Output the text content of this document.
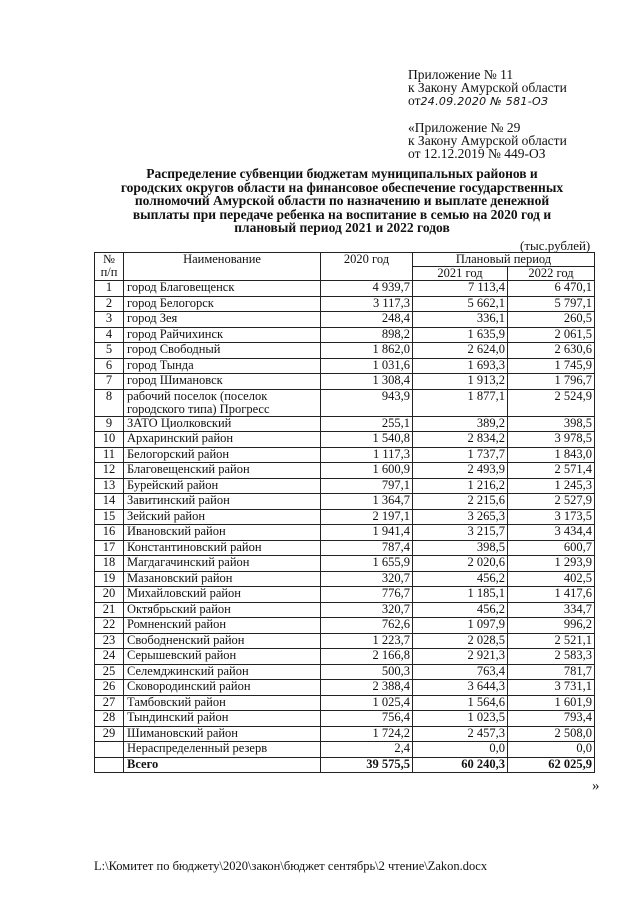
Приложение № 11
к Закону Амурской области
от24.09.2020 № 581-ОЗ
«Приложение № 29
к Закону Амурской области
от 12.12.2019 № 449-ОЗ
Распределение субвенции бюджетам муниципальных районов и
городских округов области на финансовое обеспечение государственных
полномочий Амурской области по назначению и выплате денежной
выплаты при передаче ребенка на воспитание в семью на 2020 год и
плановый период 2021 и 2022 годов
(тыс.рублей)
№ п/п	Наименование	2020 год	Плановый период	
			2021 год	2022 год
1	город Благовещенск	4 939,7	7 113,4	6 470,1
2	город Белогорск	3 117,3	5 662,1	5 797,1
3	город Зея	248,4	336,1	260,5
4	город Райчихинск	898,2	1 635,9	2 061,5
5	город Свободный	1 862,0	2 624,0	2 630,6
6	город Тында	1 031,6	1 693,3	1 745,9
7	город Шимановск	1 308,4	1 913,2	1 796,7
8	рабочий поселок (поселок городского типа) Прогресс	943,9	1 877,1	2 524,9
9	ЗАТО Циолковский	255,1	389,2	398,5
10	Архаринский район	1 540,8	2 834,2	3 978,5
11	Белогорский район	1 117,3	1 737,7	1 843,0
12	Благовещенский район	1 600,9	2 493,9	2 571,4
13	Бурейский район	797,1	1 216,2	1 245,3
14	Завитинский район	1 364,7	2 215,6	2 527,9
15	Зейский район	2 197,1	3 265,3	3 173,5
16	Ивановский район	1 941,4	3 215,7	3 434,4
17	Константиновский район	787,4	398,5	600,7
18	Магдагачинский район	1 655,9	2 020,6	1 293,9
19	Мазановский район	320,7	456,2	402,5
20	Михайловский район	776,7	1 185,1	1 417,6
21	Октябрьский район	320,7	456,2	334,7
22	Ромненский район	762,6	1 097,9	996,2
23	Свободненский район	1 223,7	2 028,5	2 521,1
24	Серышевский район	2 166,8	2 921,3	2 583,3
25	Селемджинский район	500,3	763,4	781,7
26	Сковородинский район	2 388,4	3 644,3	3 731,1
27	Тамбовский район	1 025,4	1 564,6	1 601,9
28	Тындинский район	756,4	1 023,5	793,4
29	Шимановский район	1 724,2	2 457,3	2 508,0
	Нераспределенный резерв	2,4	0,0	0,0
	Всего	39 575,5	60 240,3	62 025,9
»
L:\Комитет по бюджету\2020\закон\бюджет сентябрь\2 чтение\Zakon.docx
